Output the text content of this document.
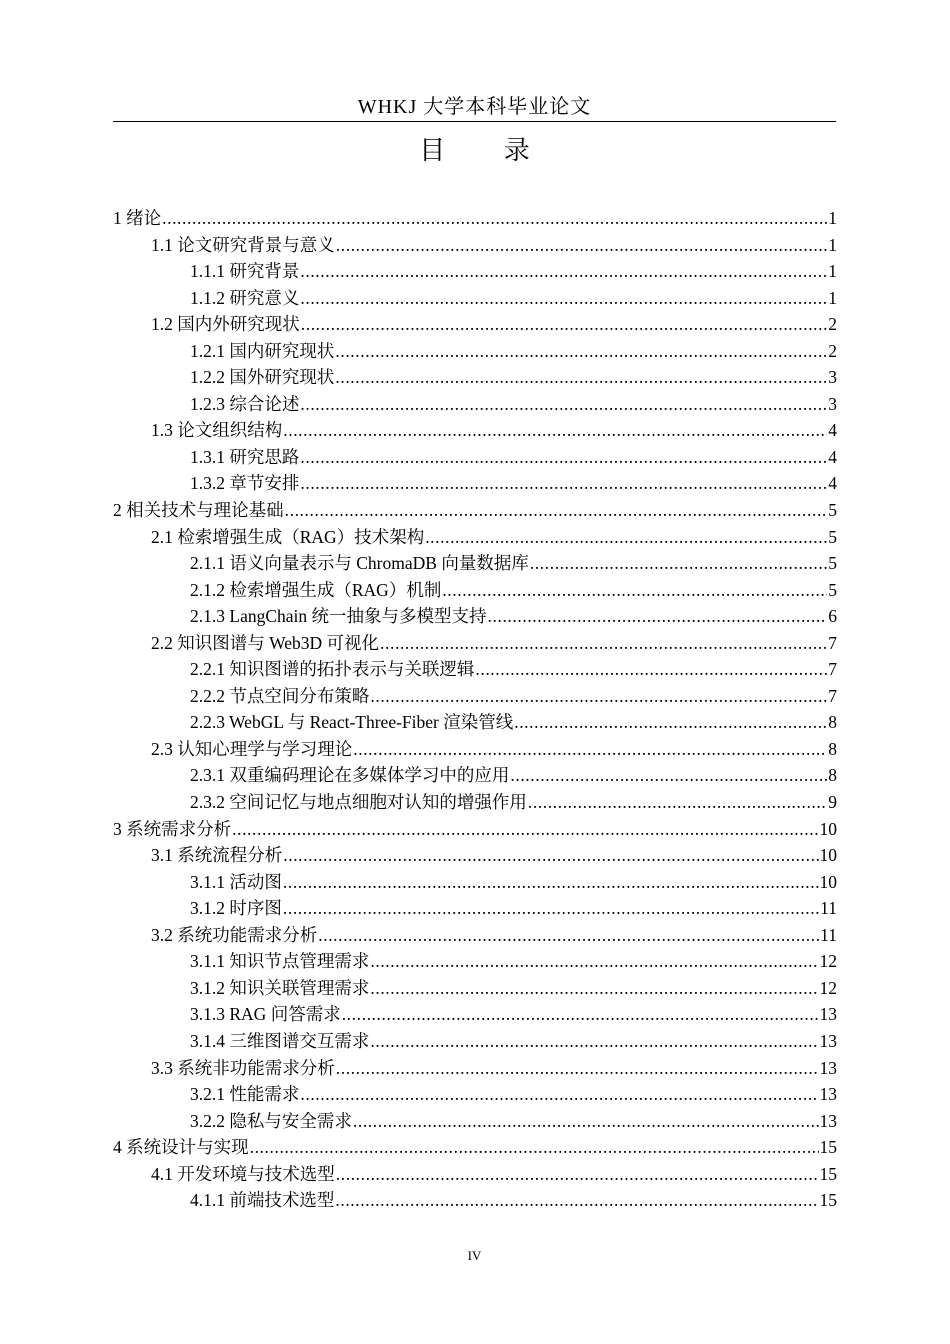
WHKJ 大学本科毕业论文
目 录
1 绪论 .....	1
1.1 论文研究背景与意义 .....	1
1.1.1 研究背景 .....	1
1.1.2 研究意义 .....	1
1.2 国内外研究现状 .....	2
1.2.1 国内研究现状 .....	2
1.2.2 国外研究现状 .....	3
1.2.3 综合论述 .....	3
1.3 论文组织结构 .....	4
1.3.1 研究思路 .....	4
1.3.2 章节安排 .....	4
2 相关技术与理论基础 .....	5
2.1 检索增强生成（RAG）技术架构 .....	5
2.1.1 语义向量表示与 ChromaDB 向量数据库 .....	5
2.1.2 检索增强生成（RAG）机制 .....	5
2.1.3 LangChain 统一抽象与多模型支持 .....	6
2.2 知识图谱与 Web3D 可视化 .....	7
2.2.1 知识图谱的拓扑表示与关联逻辑 .....	7
2.2.2 节点空间分布策略 .....	7
2.2.3 WebGL 与 React-Three-Fiber 渲染管线 .....	8
2.3 认知心理学与学习理论 .....	8
2.3.1 双重编码理论在多媒体学习中的应用 .....	8
2.3.2 空间记忆与地点细胞对认知的增强作用 .....	9
3 系统需求分析 .....	10
3.1 系统流程分析 .....	10
3.1.1 活动图 .....	10
3.1.2 时序图 .....	11
3.2 系统功能需求分析 .....	11
3.1.1 知识节点管理需求 .....	12
3.1.2 知识关联管理需求 .....	12
3.1.3 RAG 问答需求 .....	13
3.1.4 三维图谱交互需求 .....	13
3.3 系统非功能需求分析 .....	13
3.2.1 性能需求 .....	13
3.2.2 隐私与安全需求 .....	13
4 系统设计与实现 .....	15
4.1 开发环境与技术选型 .....	15
4.1.1 前端技术选型 .....	15
IV
